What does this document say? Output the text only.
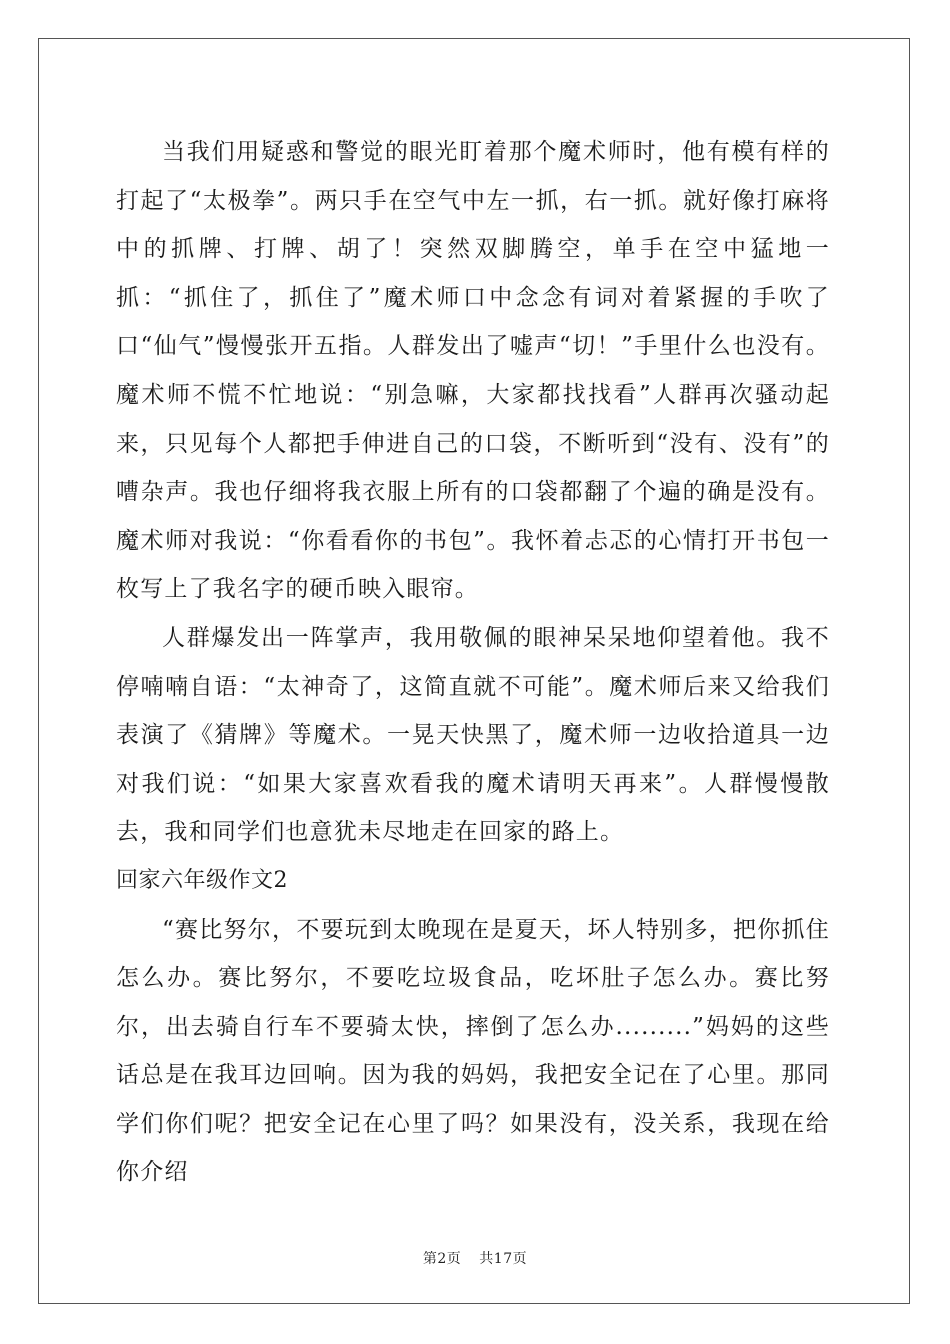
当我们用疑惑和警觉的眼光盯着那个魔术师时，他有模有样的打起了“太极拳”。两只手在空气中左一抓，右一抓。就好像打麻将中的抓牌、打牌、胡了！突然双脚腾空，单手在空中猛地一抓：“抓住了，抓住了”魔术师口中念念有词对着紧握的手吹了口“仙气”慢慢张开五指。人群发出了嘘声“切！”手里什么也没有。魔术师不慌不忙地说：“别急嘛，大家都找找看”人群再次骚动起来，只见每个人都把手伸进自己的口袋，不断听到“没有、没有”的嘈杂声。我也仔细将我衣服上所有的口袋都翻了个遍的确是没有。魔术师对我说：“你看看你的书包”。我怀着忐忑的心情打开书包一枚写上了我名字的硬币映入眼帘。

人群爆发出一阵掌声，我用敬佩的眼神呆呆地仰望着他。我不停喃喃自语：“太神奇了，这简直就不可能”。魔术师后来又给我们表演了《猜牌》等魔术。一晃天快黑了，魔术师一边收拾道具一边对我们说：“如果大家喜欢看我的魔术请明天再来”。人群慢慢散去，我和同学们也意犹未尽地走在回家的路上。

回家六年级作文2

“赛比努尔，不要玩到太晚现在是夏天，坏人特别多，把你抓住怎么办。赛比努尔，不要吃垃圾食品，吃坏肚子怎么办。赛比努尔，出去骑自行车不要骑太快，摔倒了怎么办.........”妈妈的这些话总是在我耳边回响。因为我的妈妈，我把安全记在了心里。那同学们你们呢？把安全记在心里了吗？如果没有，没关系，我现在给你介绍

第2页 共17页
